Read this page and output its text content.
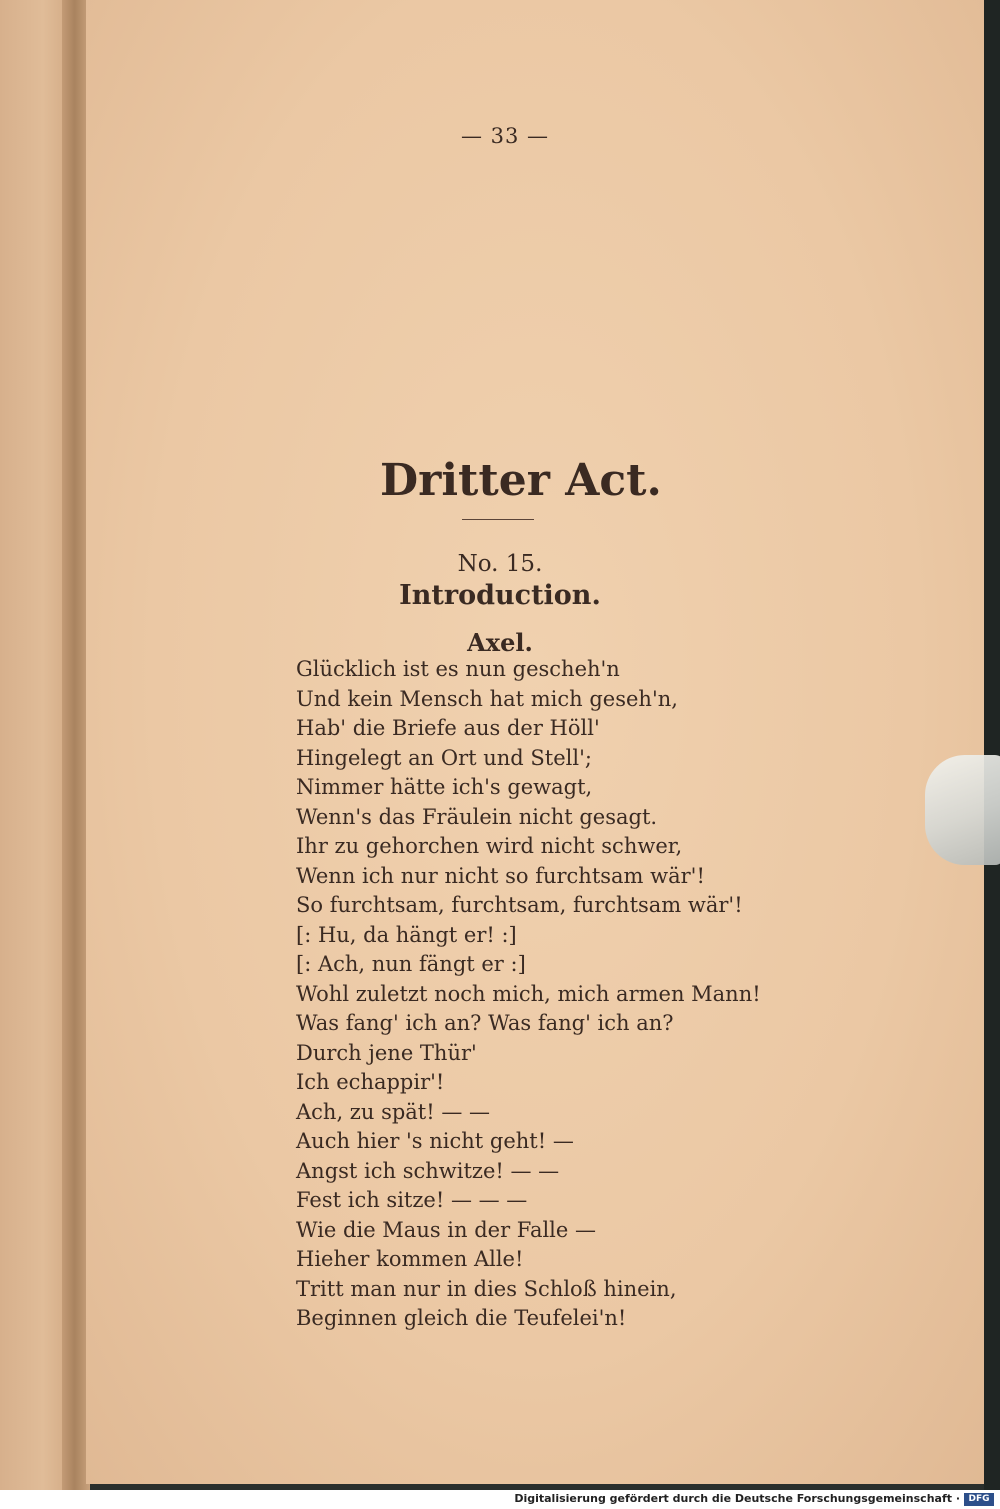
— 33 —
Dritter Act.
No. 15.
Introduction.
Axel.
Glücklich ist es nun gescheh'n
Und kein Mensch hat mich geseh'n,
Hab' die Briefe aus der Höll'
Hingelegt an Ort und Stell';
Nimmer hätte ich's gewagt,
Wenn's das Fräulein nicht gesagt.
Ihr zu gehorchen wird nicht schwer,
Wenn ich nur nicht so furchtsam wär'!
So furchtsam, furchtsam, furchtsam wär'!
[: Hu, da hängt er! :]
[: Ach, nun fängt er :]
Wohl zuletzt noch mich, mich armen Mann!
Was fang' ich an? Was fang' ich an?
Durch jene Thür'
Ich echappir'!
Ach, zu spät! — —
Auch hier 's nicht geht! —
Angst ich schwitze! — —
Fest ich sitze! — — —
Wie die Maus in der Falle —
Hieher kommen Alle!
Tritt man nur in dies Schloß hinein,
Beginnen gleich die Teufelei'n!
Digitalisierung gefördert durch die Deutsche Forschungsgemeinschaft · DFG
